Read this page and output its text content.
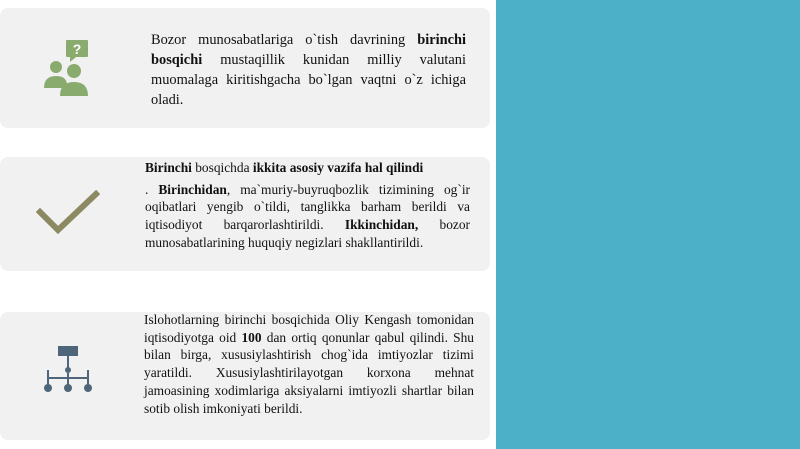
?
Bozor munosabatlariga o`tish davrining birinchi bosqichi mustaqillik kunidan milliy valutani muomalaga kiritishgacha bo`lgan vaqtni o`z ichiga oladi.
Birinchi bosqichda ikkita asosiy vazifa hal qilindi
. Birinchidan, ma`muriy-buyruqbozlik tizimining og`ir oqibatlari yengib o`tildi, tanglikka barham berildi va iqtisodiyot barqarorlashtirildi. Ikkinchidan, bozor munosabatlarining huquqiy negizlari shakllantirildi.
Islohotlarning birinchi bosqichida Oliy Kengash tomonidan iqtisodiyotga oid 100 dan ortiq qonunlar qabul qilindi. Shu bilan birga, xususiylashtirish chog`ida imtiyozlar tizimi yaratildi. Xususiylashtirilayotgan korxona mehnat jamoasining xodimlariga aksiyalarni imtiyozli shartlar bilan sotib olish imkoniyati berildi.
